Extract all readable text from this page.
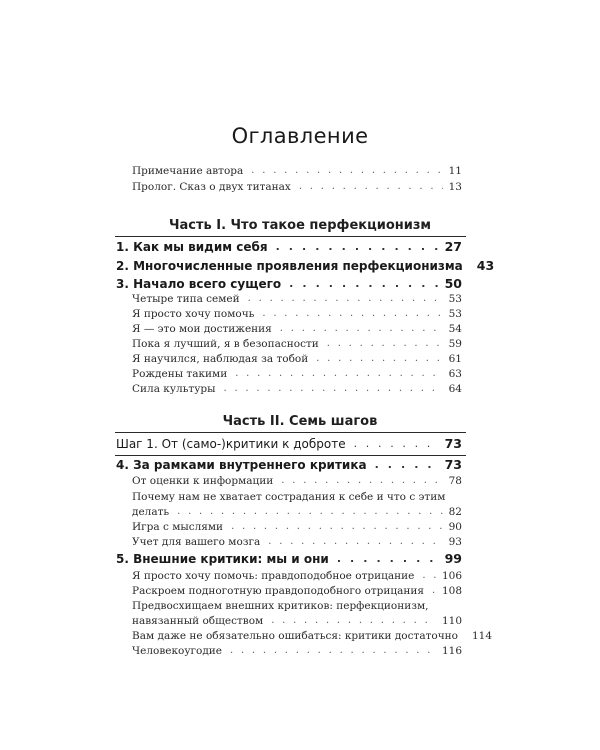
Оглавление
Примечание автора . . .	11
Пролог. Сказ о двух титанах . . .	13
Часть I. Что такое перфекционизм
1. Как мы видим себя . . .	27
2. Многочисленные проявления перфекционизма 43
3. Начало всего сущего . . .	50
Четыре типа семей . . .	53
Я просто хочу помочь . . .	53
Я — это мои достижения . . .	54
Пока я лучший, я в безопасности . . .	59
Я научился, наблюдая за тобой . . .	61
Рождены такими . . .	63
Сила культуры . . .	64
Часть II. Семь шагов
Шаг 1. От (само-)критики к доброте . . .	73
4. За рамками внутреннего критика . . .	73
От оценки к информации . . .	78
Почему нам не хватает сострадания к себе и что с этим
делать . . .	82
Игра с мыслями . . .	90
Учет для вашего мозга . . .	93
5. Внешние критики: мы и они . . .	99
Я просто хочу помочь: правдоподобное отрицание . . .	106
Раскроем подноготную правдоподобного отрицания . . . 108
Предвосхищаем внешних критиков: перфекционизм,
навязанный обществом . . .	110
Вам даже не обязательно ошибаться: критики достаточно 114
Человекоугодие . . .	116
